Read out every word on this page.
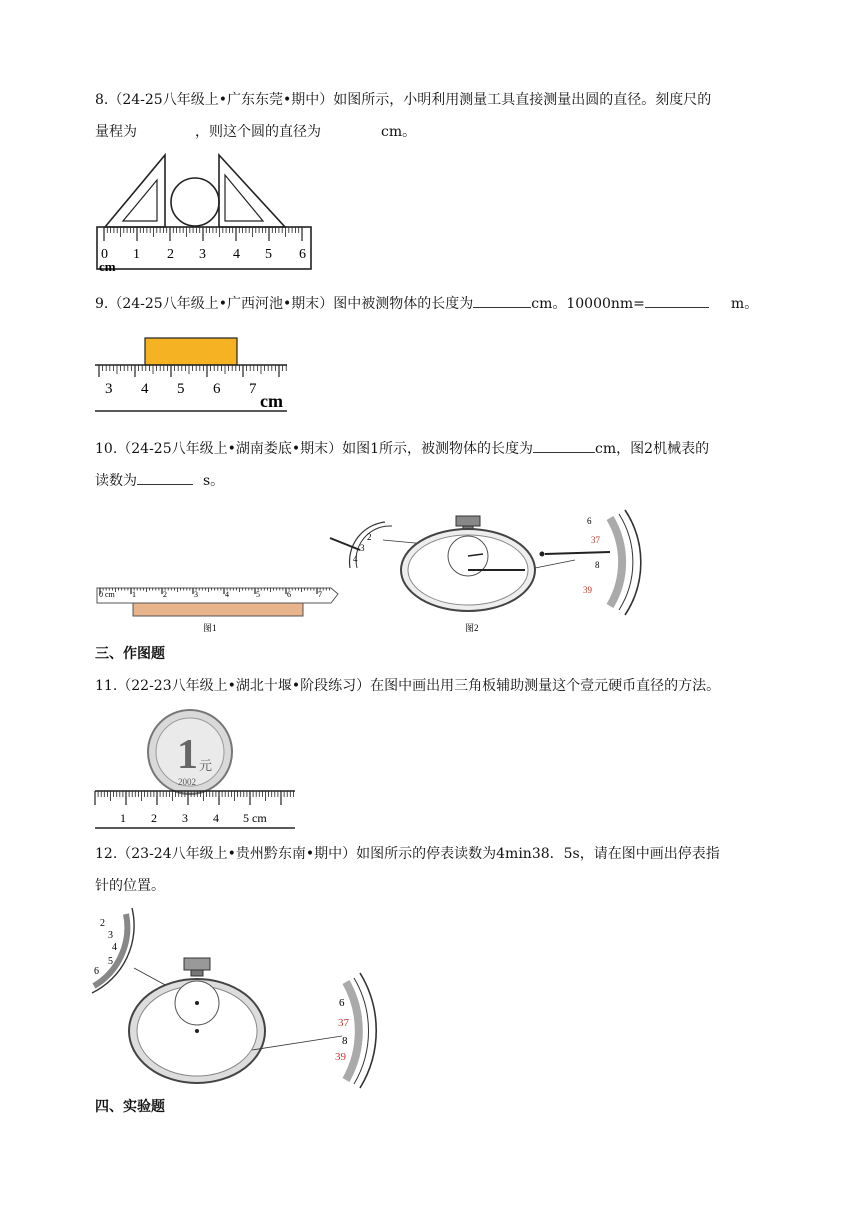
8.（24-25八年级上•广东东莞•期中）如图所示，小明利用测量工具直接测量出圆的直径。刻度尺的
量程为	，则这个圆的直径为	cm。
0 1 2 3 4 5 6
cm
9.（24-25八年级上•广西河池•期末）图中被测物体的长度为	cm。10000nm=	m。
3 4 5 6 7
cm
10.（24-25八年级上•湖南娄底•期末）如图1所示，被测物体的长度为	cm，图2机械表的
读数为	s。
0 cm 1	2	3	4	5	6	7
图1
2
3
4
图2
6
37
8
39
三、作图题
11.（22-23八年级上•湖北十堰•阶段练习）在图中画出用三角板辅助测量这个壹元硬币直径的方法。
1 元
2002
1 2 3 4 5 cm
12.（23-24八年级上•贵州黔东南•期中）如图所示的停表读数为4min38．5s，请在图中画出停表指
针的位置。
2
3
4
5
6
6
37
8
39
四、实验题
